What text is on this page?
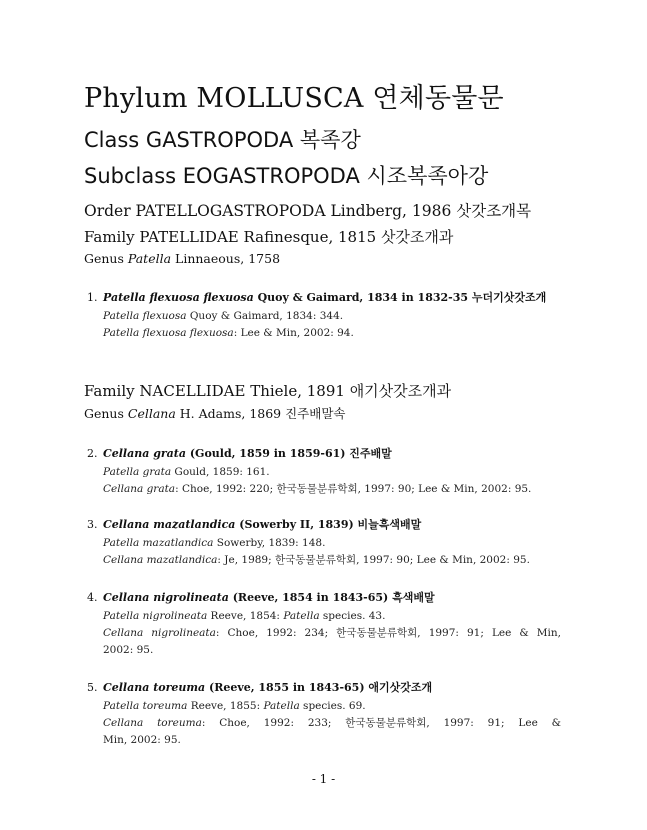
Phylum MOLLUSCA 연체동물문
Class GASTROPODA 복족강
Subclass EOGASTROPODA 시조복족아강
Order PATELLOGASTROPODA Lindberg, 1986 삿갓조개목
Family PATELLIDAE Rafinesque, 1815 삿갓조개과
Genus Patella Linnaeous, 1758
1. Patella flexuosa flexuosa Quoy & Gaimard, 1834 in 1832-35 누더기삿갓조개
Patella flexuosa Quoy & Gaimard, 1834: 344.
Patella flexuosa flexuosa: Lee & Min, 2002: 94.
Family NACELLIDAE Thiele, 1891 애기삿갓조개과
Genus Cellana H. Adams, 1869 진주배말속
2. Cellana grata (Gould, 1859 in 1859-61) 진주배말
Patella grata Gould, 1859: 161.
Cellana grata: Choe, 1992: 220; 한국동물분류학회, 1997: 90; Lee & Min, 2002: 95.
3. Cellana mazatlandica (Sowerby II, 1839) 비늘흑색배말
Patella mazatlandica Sowerby, 1839: 148.
Cellana mazatlandica: Je, 1989; 한국동물분류학회, 1997: 90; Lee & Min, 2002: 95.
4. Cellana nigrolineata (Reeve, 1854 in 1843-65) 흑색배말
Patella nigrolineata Reeve, 1854: Patella species. 43.
Cellana nigrolineata: Choe, 1992: 234; 한국동물분류학회, 1997: 91; Lee & Min,
2002: 95.
5. Cellana toreuma (Reeve, 1855 in 1843-65) 애기삿갓조개
Patella toreuma Reeve, 1855: Patella species. 69.
Cellana toreuma: Choe, 1992: 233; 한국동물분류학회, 1997: 91; Lee &
Min, 2002: 95.
- 1 -
